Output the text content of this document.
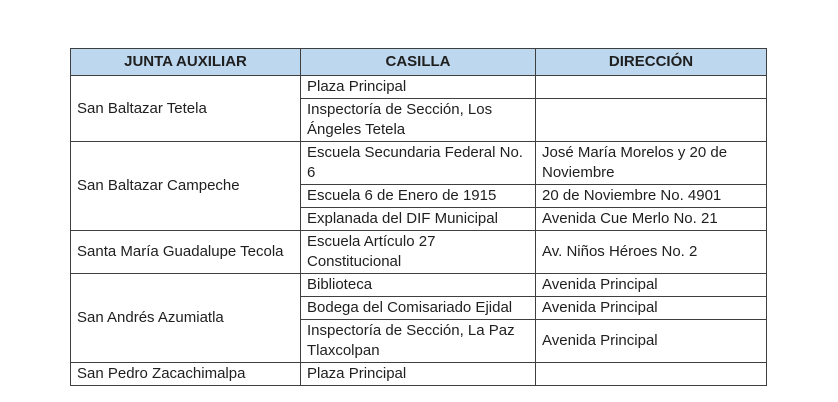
JUNTA AUXILIAR	CASILLA	DIRECCIÓN
San Baltazar Tetela	Plaza Principal	
	Inspectoría de Sección, Los Ángeles Tetela	
San Baltazar Campeche	Escuela Secundaria Federal No. 6	José María Morelos y 20 de Noviembre
	Escuela 6 de Enero de 1915	20 de Noviembre No. 4901
	Explanada del DIF Municipal	Avenida Cue Merlo No. 21
Santa María Guadalupe Tecola	Escuela Artículo 27 Constitucional	Av. Niños Héroes No. 2
San Andrés Azumiatla	Biblioteca	Avenida Principal
	Bodega del Comisariado Ejidal	Avenida Principal
	Inspectoría de Sección, La Paz Tlaxcolpan	Avenida Principal
San Pedro Zacachimalpa	Plaza Principal	
